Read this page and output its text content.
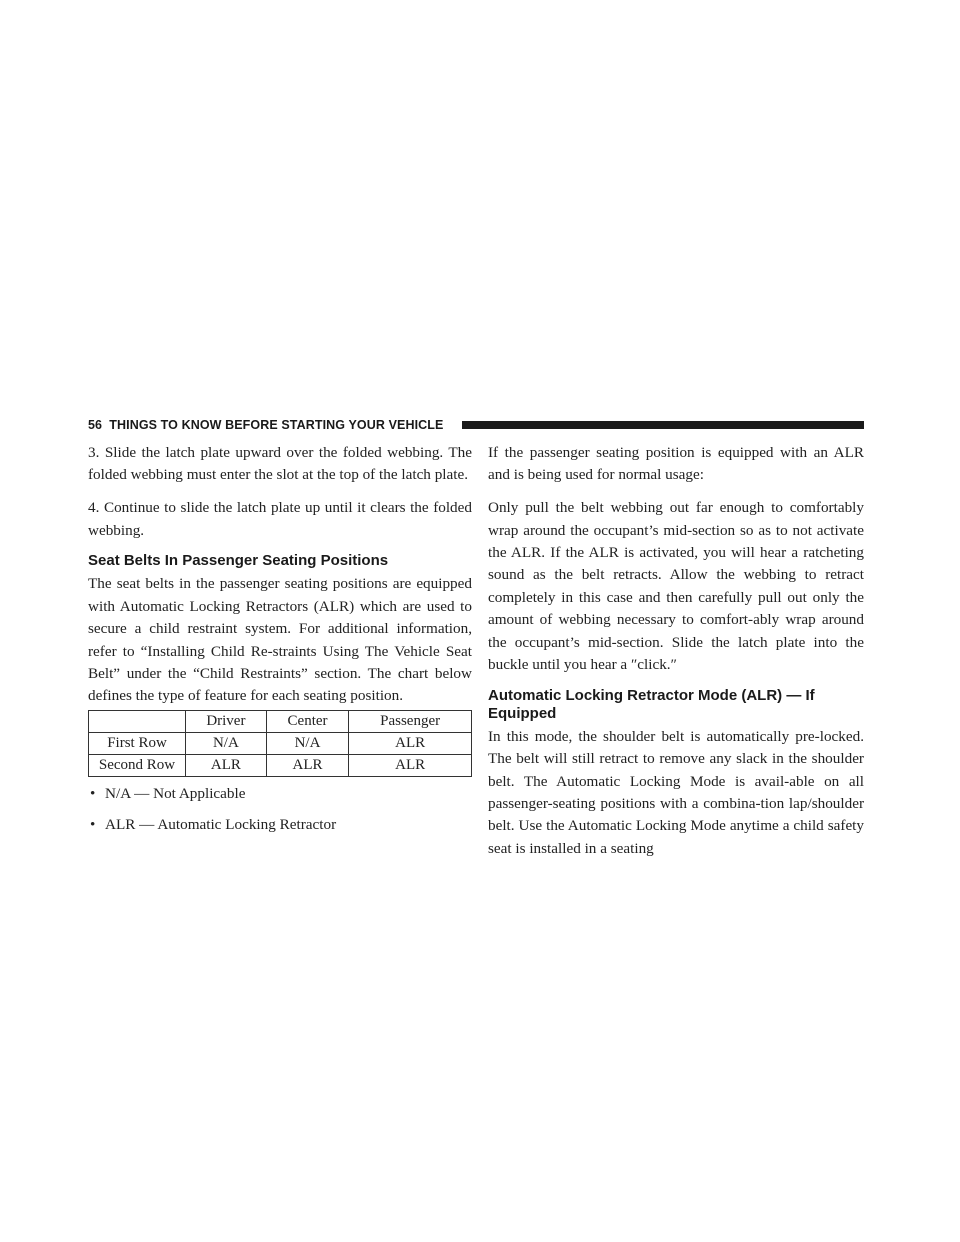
56 THINGS TO KNOW BEFORE STARTING YOUR VEHICLE

3. Slide the latch plate upward over the folded webbing. The folded webbing must enter the slot at the top of the latch plate.

4. Continue to slide the latch plate up until it clears the folded webbing.

Seat Belts In Passenger Seating Positions

The seat belts in the passenger seating positions are equipped with Automatic Locking Retractors (ALR) which are used to secure a child restraint system. For additional information, refer to “Installing Child Re-straints Using The Vehicle Seat Belt” under the “Child Restraints” section. The chart below defines the type of feature for each seating position.

	Driver	Center	Passenger
First Row	N/A	N/A	ALR
Second Row	ALR	ALR	ALR
• N/A — Not Applicable
• ALR — Automatic Locking Retractor

If the passenger seating position is equipped with an ALR and is being used for normal usage:

Only pull the belt webbing out far enough to comfortably wrap around the occupant’s mid-section so as to not activate the ALR. If the ALR is activated, you will hear a ratcheting sound as the belt retracts. Allow the webbing to retract completely in this case and then carefully pull out only the amount of webbing necessary to comfort-ably wrap around the occupant’s mid-section. Slide the latch plate into the buckle until you hear a ″click.″

Automatic Locking Retractor Mode (ALR) — If Equipped

In this mode, the shoulder belt is automatically pre-locked. The belt will still retract to remove any slack in the shoulder belt. The Automatic Locking Mode is avail-able on all passenger-seating positions with a combina-tion lap/shoulder belt. Use the Automatic Locking Mode anytime a child safety seat is installed in a seating
